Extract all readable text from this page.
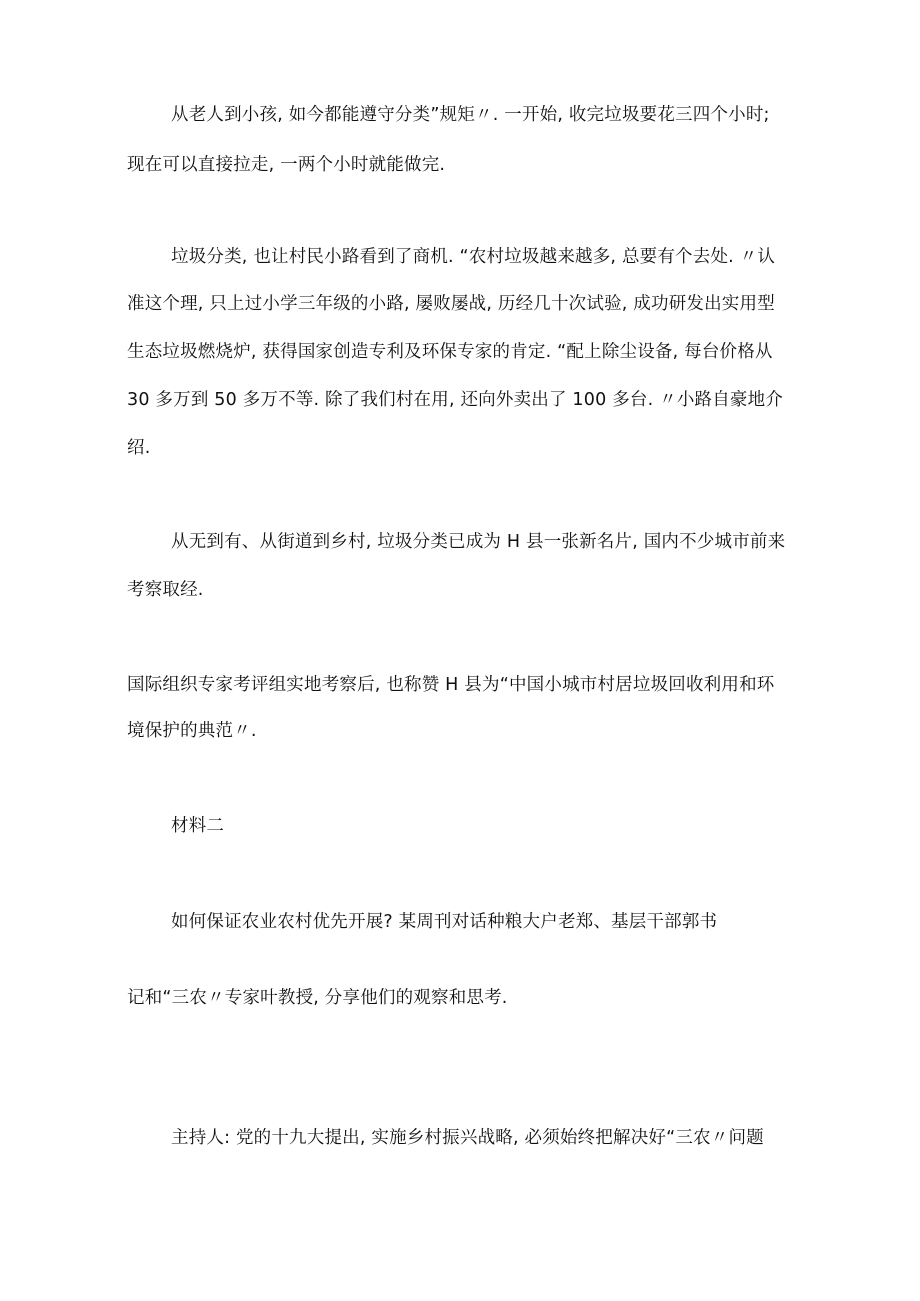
从老人到小孩, 如今都能遵守分类”规矩〃. 一开始, 收完垃圾要花三四个小时;
现在可以直接拉走, 一两个小时就能做完.
垃圾分类, 也让村民小路看到了商机. “农村垃圾越来越多, 总要有个去处. 〃认
准这个理, 只上过小学三年级的小路, 屡败屡战, 历经几十次试验, 成功研发出实用型
生态垃圾燃烧炉, 获得国家创造专利及环保专家的肯定. “配上除尘设备, 每台价格从
30 多万到 50 多万不等. 除了我们村在用, 还向外卖出了 100 多台. 〃小路自豪地介
绍.
从无到有、从街道到乡村, 垃圾分类已成为 H 县一张新名片, 国内不少城市前来
考察取经.
国际组织专家考评组实地考察后, 也称赞 H 县为“中国小城市村居垃圾回收利用和环
境保护的典范〃.
材料二
如何保证农业农村优先开展? 某周刊对话种粮大户老郑、基层干部郭书
记和“三农〃专家叶教授, 分享他们的观察和思考.
主持人: 党的十九大提出, 实施乡村振兴战略, 必须始终把解决好“三农〃问题
